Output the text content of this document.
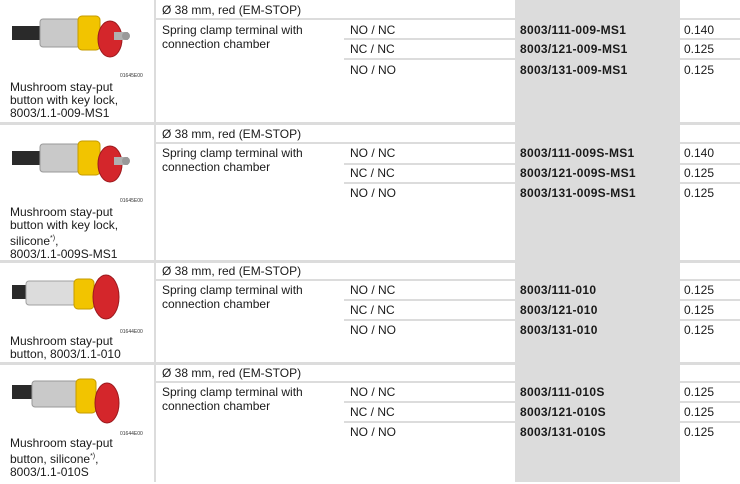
01645E00
Mushroom stay-put
button with key lock,
8003/1.1-009-MS1
Ø 38 mm, red (EM-STOP)
Spring clamp terminal with
connection chamber
NO / NC	8003/111-009-MS1	0.140
NC / NC	8003/121-009-MS1	0.125
NO / NO	8003/131-009-MS1	0.125
01645E00
Mushroom stay-put
button with key lock,
silicone*),
8003/1.1-009S-MS1
Ø 38 mm, red (EM-STOP)
Spring clamp terminal with
connection chamber
NO / NC	8003/111-009S-MS1	0.140
NC / NC	8003/121-009S-MS1	0.125
NO / NO	8003/131-009S-MS1	0.125
01644E00
Mushroom stay-put
button, 8003/1.1-010
Ø 38 mm, red (EM-STOP)
Spring clamp terminal with
connection chamber
NO / NC	8003/111-010	0.125
NC / NC	8003/121-010	0.125
NO / NO	8003/131-010	0.125
01644E00
Mushroom stay-put
button, silicone*),
8003/1.1-010S
Ø 38 mm, red (EM-STOP)
Spring clamp terminal with
connection chamber
NO / NC	8003/111-010S	0.125
NC / NC	8003/121-010S	0.125
NO / NO	8003/131-010S	0.125
